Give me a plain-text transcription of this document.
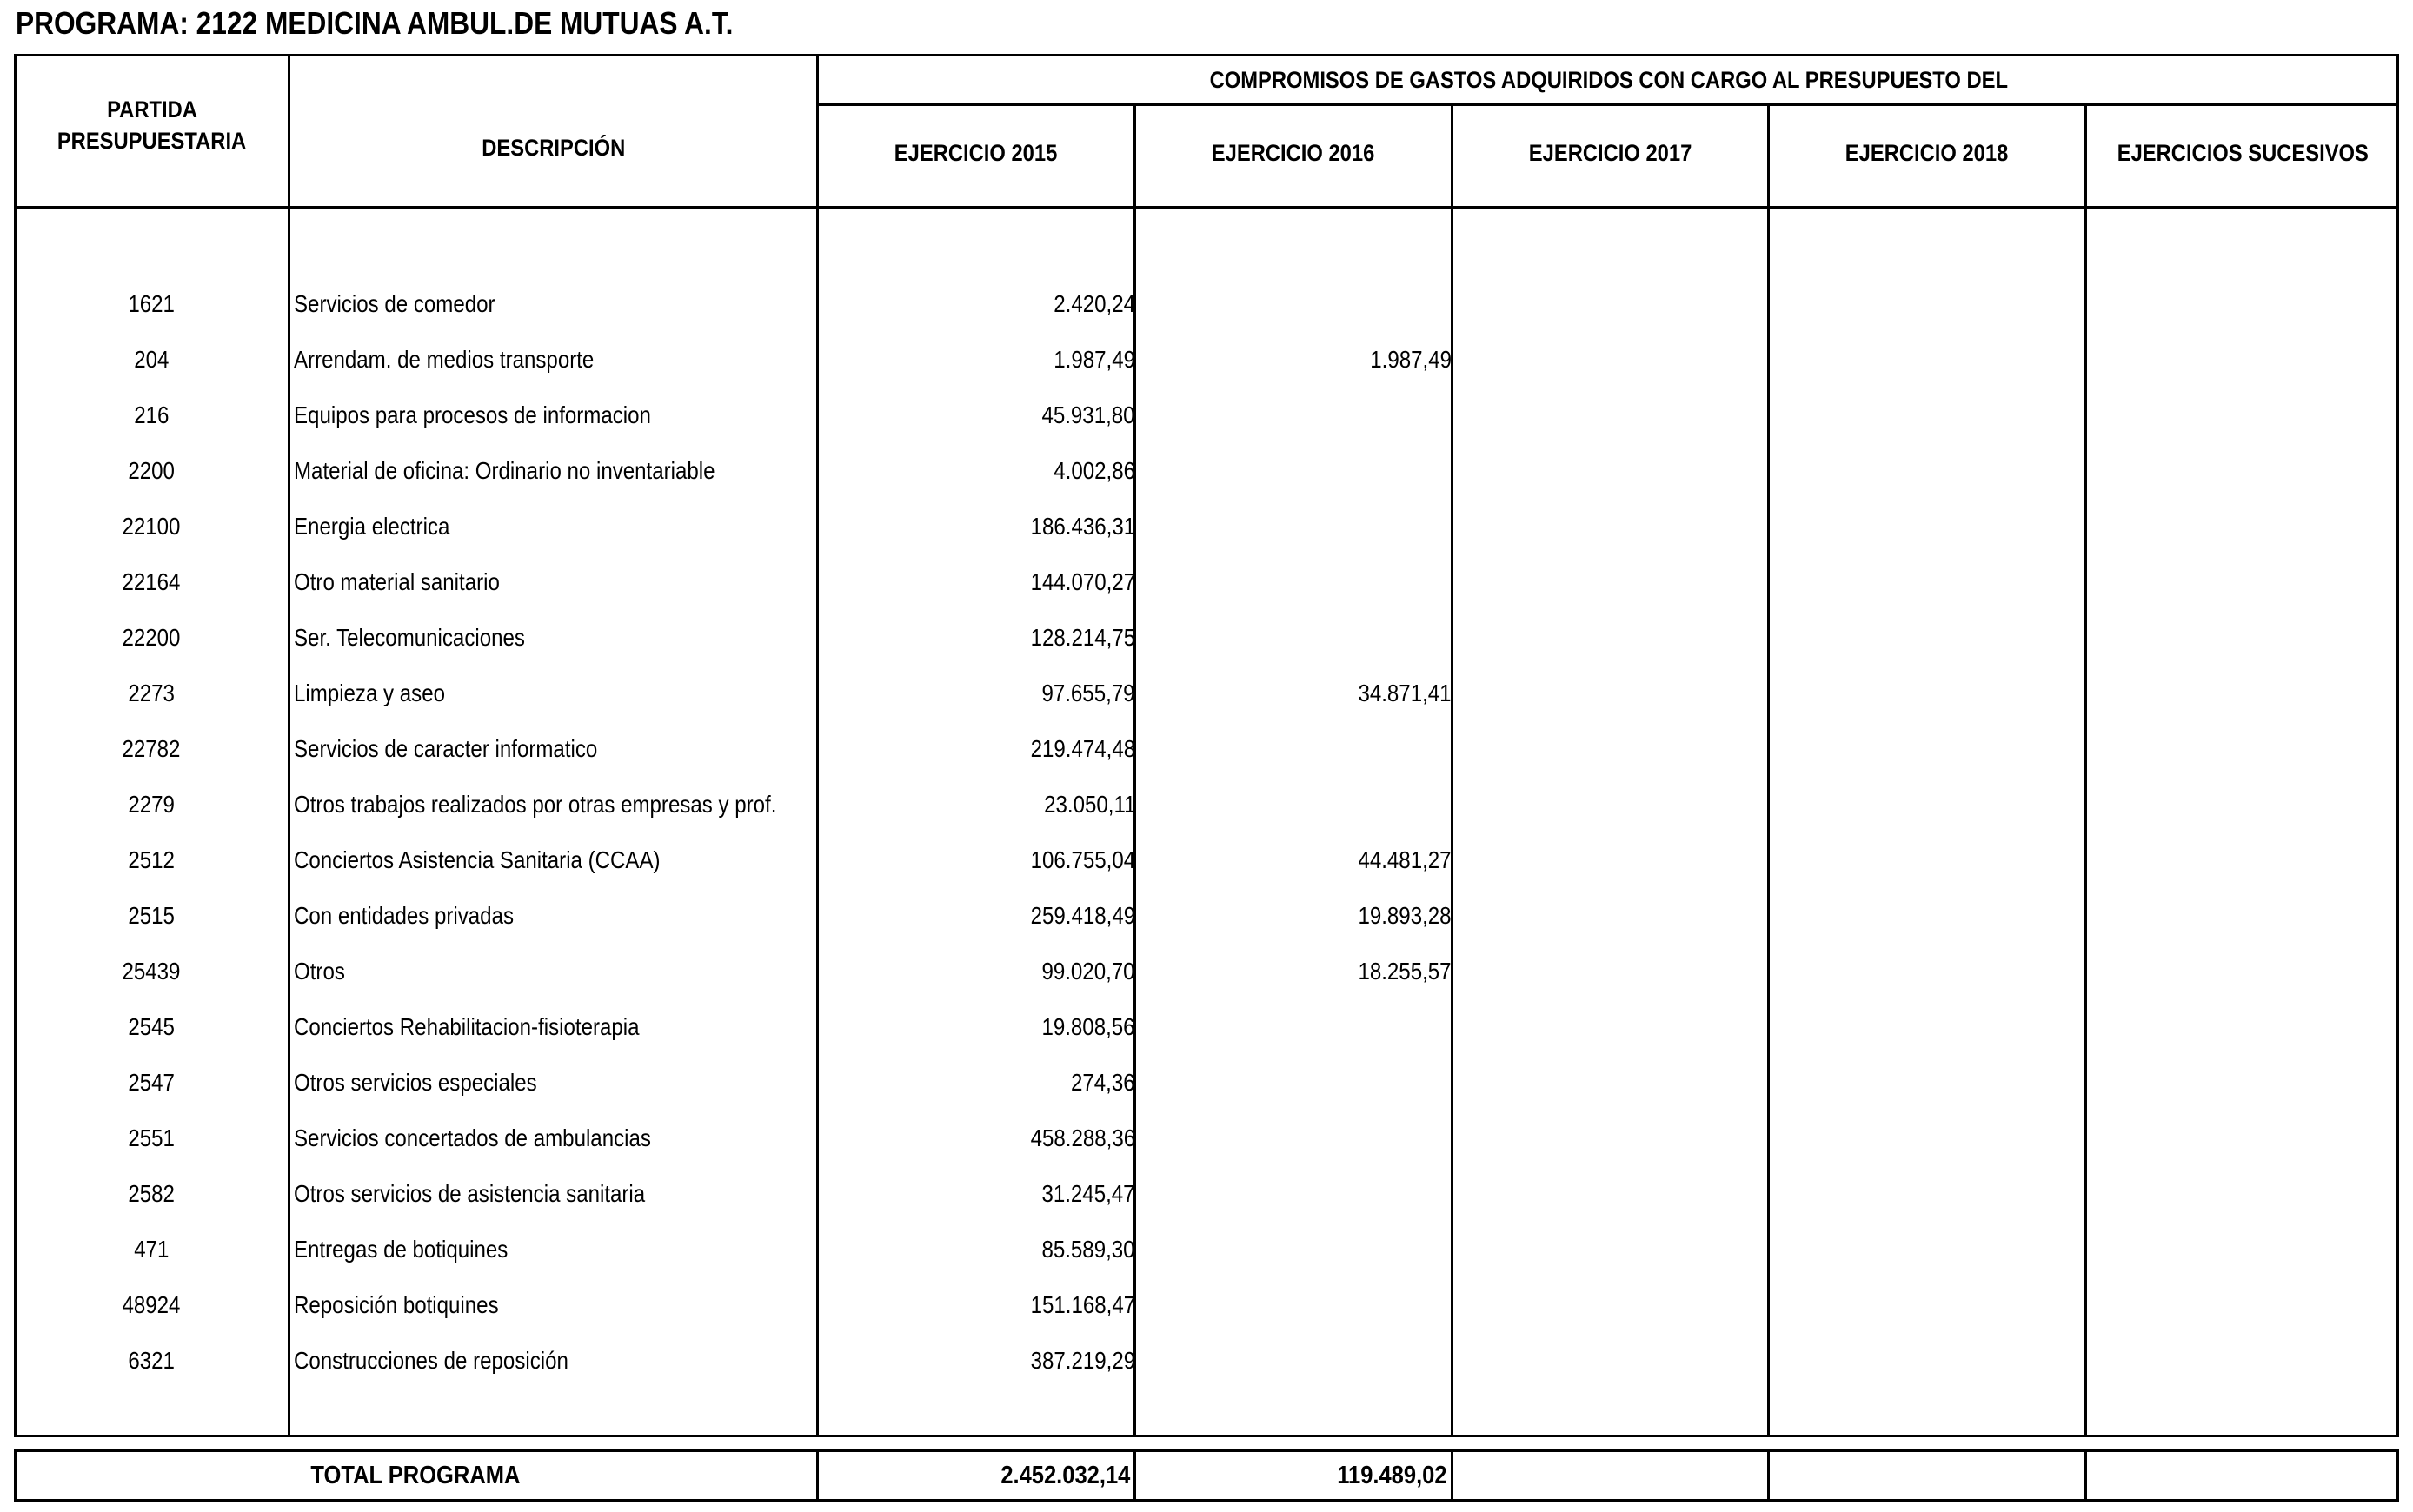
PROGRAMA: 2122 MEDICINA AMBUL.DE MUTUAS A.T.
PARTIDA
PRESUPUESTARIA	DESCRIPCIÓN
COMPROMISOS DE GASTOS ADQUIRIDOS CON CARGO AL PRESUPUESTO DEL
EJERCICIO 2015	EJERCICIO 2016	EJERCICIO 2017	EJERCICIO 2018	EJERCICIOS SUCESIVOS
1621	Servicios de comedor	2.420,24
204	Arrendam. de medios transporte	1.987,49	1.987,49
216	Equipos para procesos de informacion	45.931,80
2200	Material de oficina: Ordinario no inventariable	4.002,86
22100	Energia electrica	186.436,31
22164	Otro material sanitario	144.070,27
22200	Ser. Telecomunicaciones	128.214,75
2273	Limpieza y aseo	97.655,79	34.871,41
22782	Servicios de caracter informatico	219.474,48
2279	Otros trabajos realizados por otras empresas y prof.	23.050,11
2512	Conciertos Asistencia Sanitaria (CCAA)	106.755,04	44.481,27
2515	Con entidades privadas	259.418,49	19.893,28
25439	Otros	99.020,70	18.255,57
2545	Conciertos Rehabilitacion-fisioterapia	19.808,56
2547	Otros servicios especiales	274,36
2551	Servicios concertados de ambulancias	458.288,36
2582	Otros servicios de asistencia sanitaria	31.245,47
471	Entregas de botiquines	85.589,30
48924	Reposición botiquines	151.168,47
6321	Construcciones de reposición	387.219,29
TOTAL PROGRAMA	2.452.032,14	119.489,02
